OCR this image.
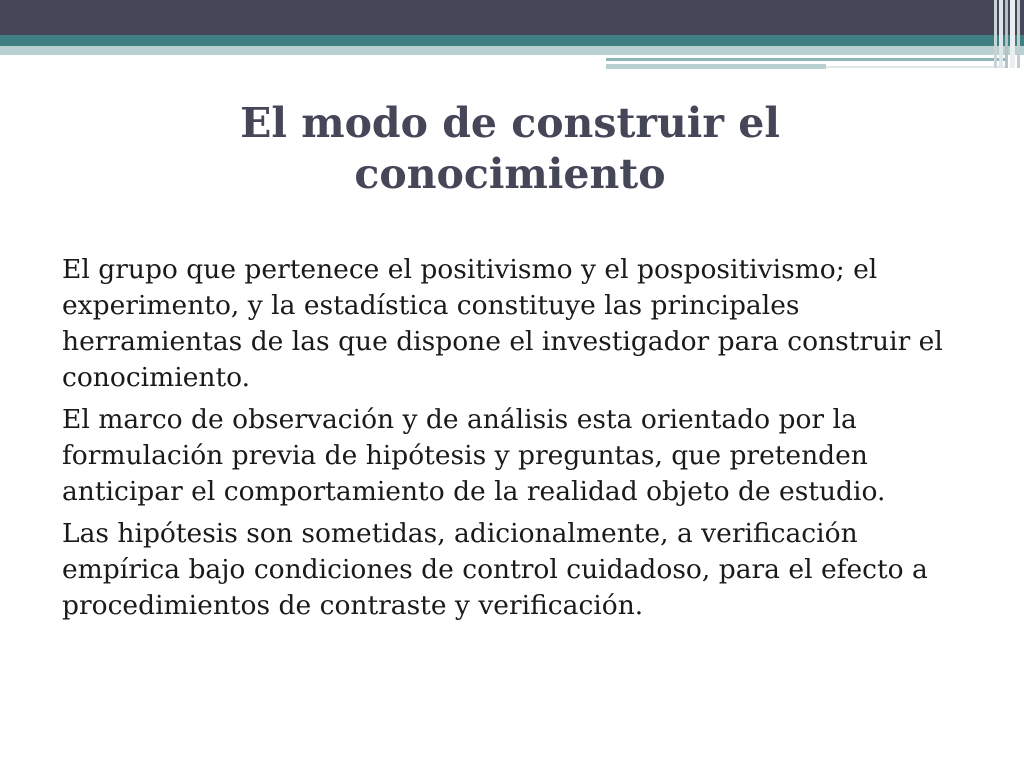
El modo de construir el conocimiento

El grupo que pertenece el positivismo y el pospositivismo; el experimento, y la estadística constituye las principales herramientas de las que dispone el investigador para construir el conocimiento.

El marco de observación y de análisis esta orientado por la formulación previa de hipótesis y preguntas, que pretenden anticipar el comportamiento de la realidad objeto de estudio.

Las hipótesis son sometidas, adicionalmente, a verificación empírica bajo condiciones de control cuidadoso, para el efecto a procedimientos de contraste y verificación.
